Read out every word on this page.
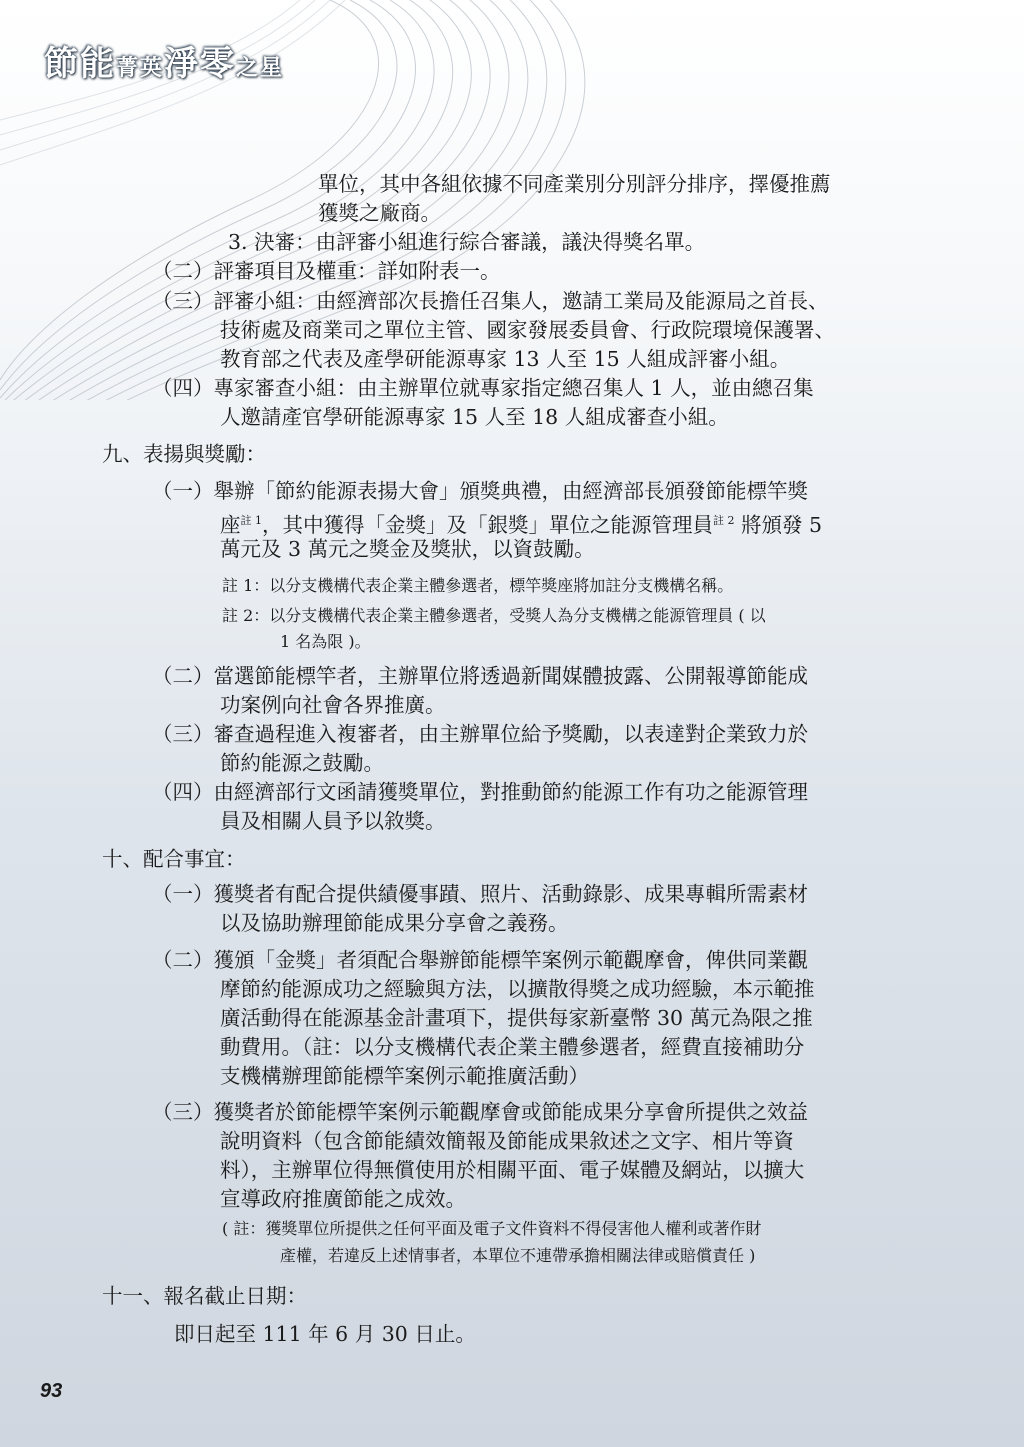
節能菁英淨零之星
單位，其中各組依據不同產業別分別評分排序，擇優推薦
獲獎之廠商。
3. 決審：由評審小組進行綜合審議，議決得獎名單。
（二）評審項目及權重：詳如附表一。
（三）評審小組：由經濟部次長擔任召集人，邀請工業局及能源局之首長、
技術處及商業司之單位主管、國家發展委員會、行政院環境保護署、
教育部之代表及產學研能源專家 13 人至 15 人組成評審小組。
（四）專家審查小組：由主辦單位就專家指定總召集人 1 人，並由總召集
人邀請產官學研能源專家 15 人至 18 人組成審查小組。
九、表揚與獎勵：
（一）舉辦「節約能源表揚大會」頒獎典禮，由經濟部長頒發節能標竿獎
座$^{註 1}$，其中獲得「金獎」及「銀獎」單位之能源管理員$^{註 2}$ 將頒發 5
萬元及 3 萬元之獎金及獎狀，以資鼓勵。
註 1：以分支機構代表企業主體參選者，標竿獎座將加註分支機構名稱。
註 2：以分支機構代表企業主體參選者，受獎人為分支機構之能源管理員 ( 以
1 名為限 )。
（二）當選節能標竿者，主辦單位將透過新聞媒體披露、公開報導節能成
功案例向社會各界推廣。
（三）審查過程進入複審者，由主辦單位給予獎勵，以表達對企業致力於
節約能源之鼓勵。
（四）由經濟部行文函請獲獎單位，對推動節約能源工作有功之能源管理
員及相關人員予以敘獎。
十、配合事宜：
（一）獲獎者有配合提供績優事蹟、照片、活動錄影、成果專輯所需素材
以及協助辦理節能成果分享會之義務。
（二）獲頒「金獎」者須配合舉辦節能標竿案例示範觀摩會，俾供同業觀
摩節約能源成功之經驗與方法，以擴散得獎之成功經驗，本示範推
廣活動得在能源基金計畫項下，提供每家新臺幣 30 萬元為限之推
動費用。（註：以分支機構代表企業主體參選者，經費直接補助分
支機構辦理節能標竿案例示範推廣活動）
（三）獲獎者於節能標竿案例示範觀摩會或節能成果分享會所提供之效益
說明資料（包含節能績效簡報及節能成果敘述之文字、相片等資
料），主辦單位得無償使用於相關平面、電子媒體及網站，以擴大
宣導政府推廣節能之成效。
( 註：獲獎單位所提供之任何平面及電子文件資料不得侵害他人權利或著作財
產權，若違反上述情事者，本單位不連帶承擔相關法律或賠償責任 )
十一、報名截止日期：
即日起至 111 年 6 月 30 日止。
93
